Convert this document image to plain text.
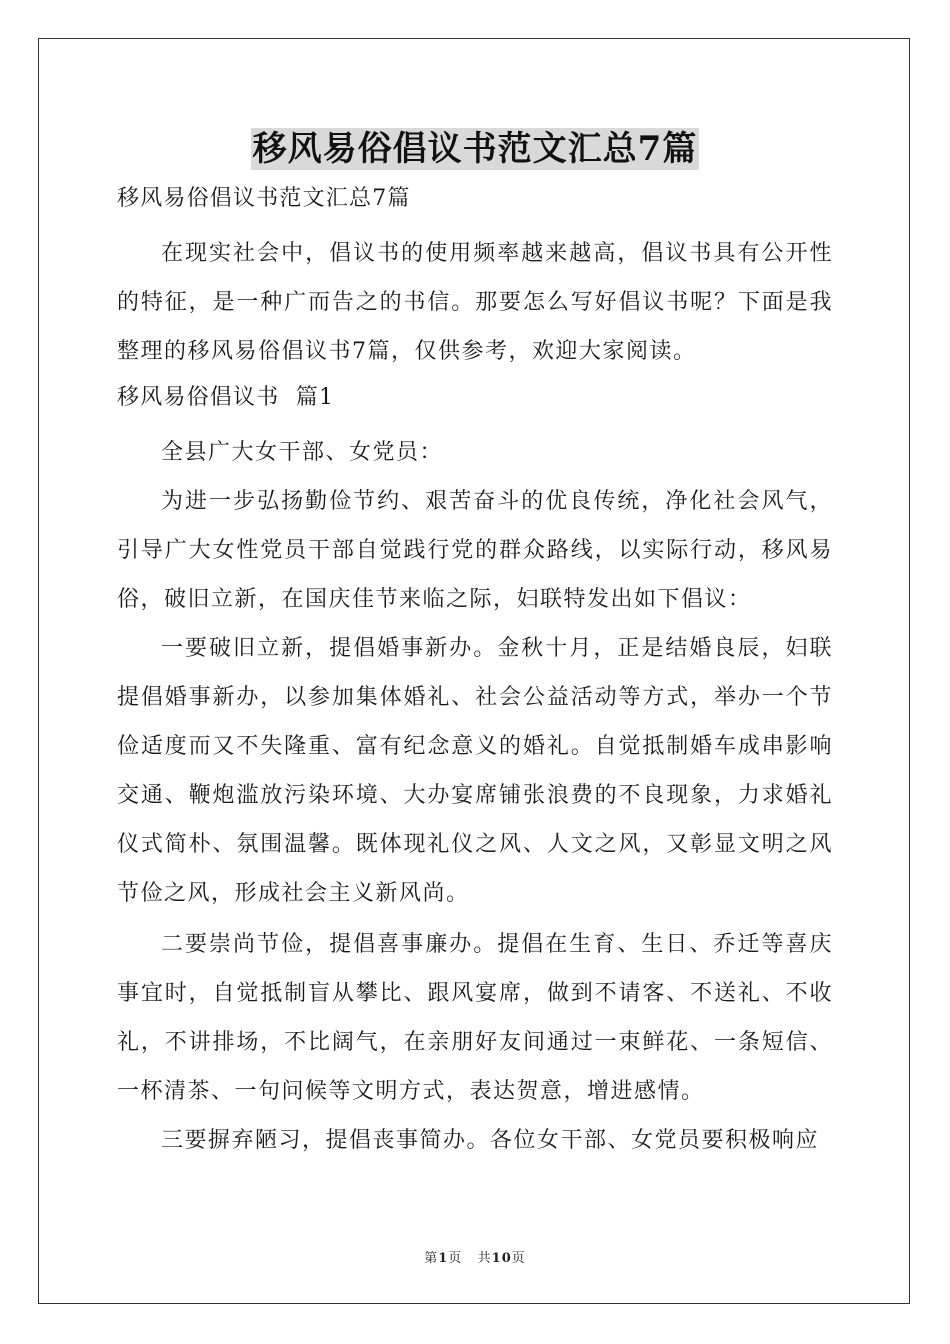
移风易俗倡议书范文汇总7篇

移风易俗倡议书范文汇总7篇

在现实社会中，倡议书的使用频率越来越高，倡议书具有公开性的特征，是一种广而告之的书信。那要怎么写好倡议书呢？下面是我整理的移风易俗倡议书7篇，仅供参考，欢迎大家阅读。

移风易俗倡议书  篇1

全县广大女干部、女党员：

为进一步弘扬勤俭节约、艰苦奋斗的优良传统，净化社会风气，引导广大女性党员干部自觉践行党的群众路线，以实际行动，移风易俗，破旧立新，在国庆佳节来临之际，妇联特发出如下倡议：

一要破旧立新，提倡婚事新办。金秋十月，正是结婚良辰，妇联提倡婚事新办，以参加集体婚礼、社会公益活动等方式，举办一个节俭适度而又不失隆重、富有纪念意义的婚礼。自觉抵制婚车成串影响交通、鞭炮滥放污染环境、大办宴席铺张浪费的不良现象，力求婚礼仪式简朴、氛围温馨。既体现礼仪之风、人文之风，又彰显文明之风节俭之风，形成社会主义新风尚。

二要崇尚节俭，提倡喜事廉办。提倡在生育、生日、乔迁等喜庆事宜时，自觉抵制盲从攀比、跟风宴席，做到不请客、不送礼、不收礼，不讲排场，不比阔气，在亲朋好友间通过一束鲜花、一条短信、一杯清茶、一句问候等文明方式，表达贺意，增进感情。

三要摒弃陋习，提倡丧事简办。各位女干部、女党员要积极响应

第1页   共10页
